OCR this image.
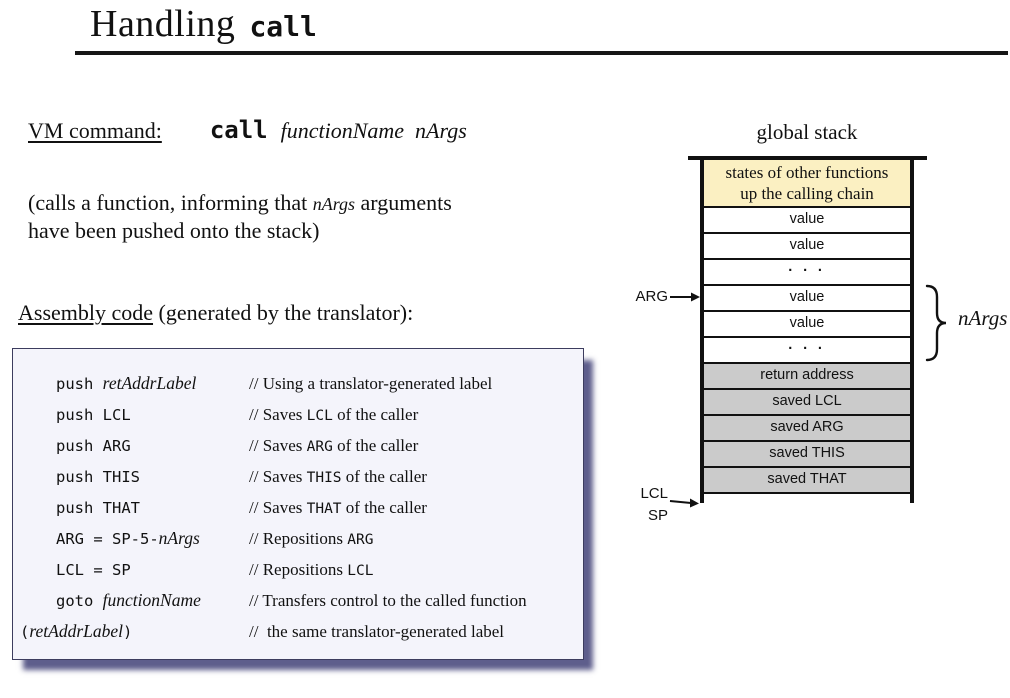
Handling call
VM command: call functionName  nArgs

(calls a function, informing that nArgs arguments
have been pushed onto the stack)

Assembly code (generated by the translator):
push retAddrLabel	// Using a translator-generated label
push LCL	// Saves LCL of the caller
push ARG	// Saves ARG of the caller
push THIS	// Saves THIS of the caller
push THAT	// Saves THAT of the caller
ARG = SP-5-nArgs	// Repositions ARG
LCL = SP	// Repositions LCL
goto functionName	// Transfers control to the called function
(retAddrLabel)	//  the same translator-generated label
global stack
states of other functions
up the calling chain
value
value
· · ·
value
value
· · ·
return address
saved LCL
saved ARG
saved THIS
saved THAT
ARG
nArgs
LCL
SP
